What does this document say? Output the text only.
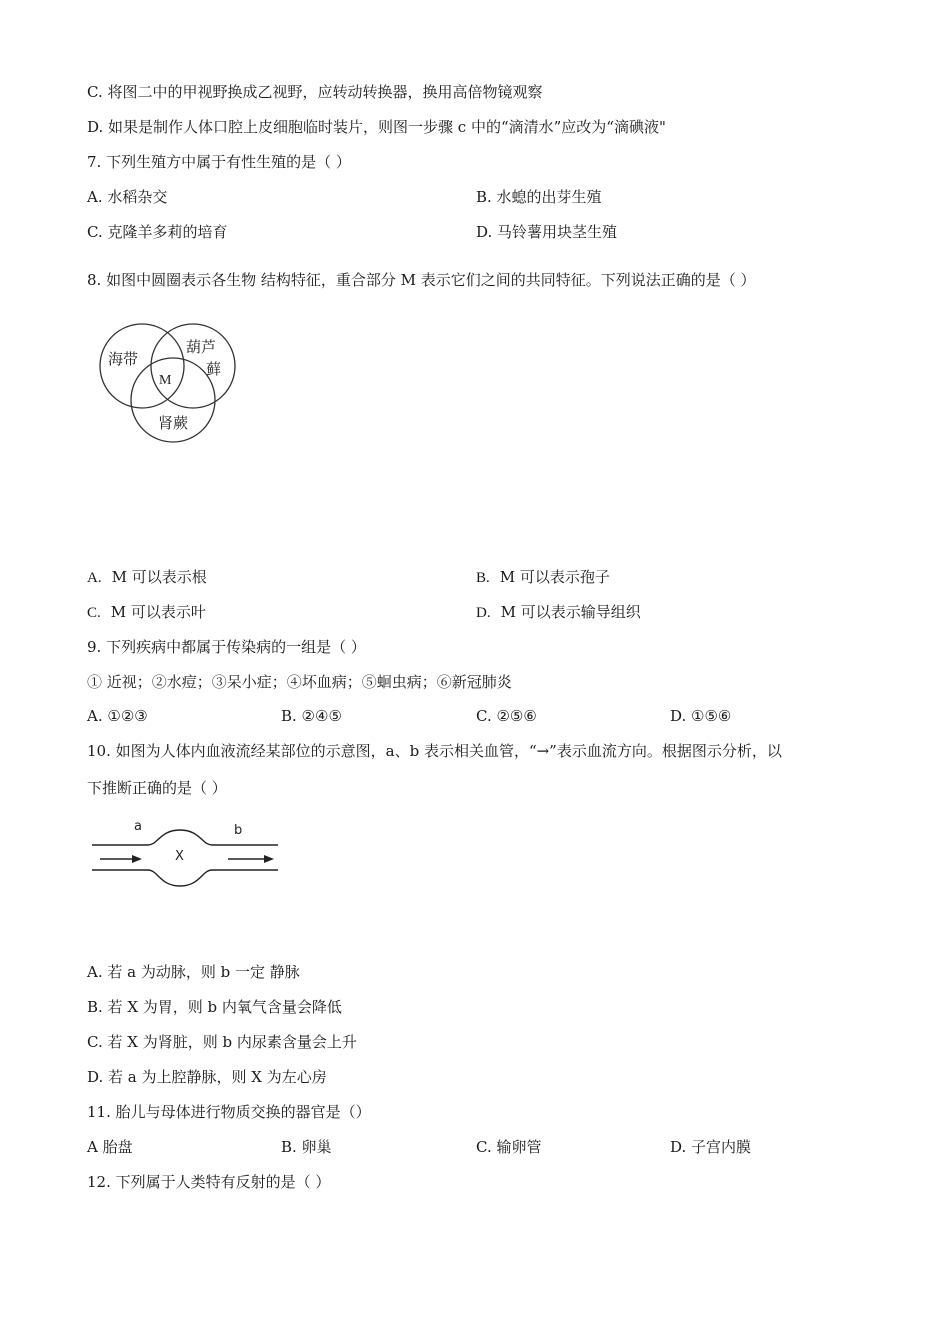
C. 将图二中的甲视野换成乙视野，应转动转换器，换用高倍物镜观察
D. 如果是制作人体口腔上皮细胞临时装片，则图一步骤 c 中的“滴清水”应改为“滴碘液"
7. 下列生殖方中属于有性生殖的是（ ）
A. 水稻杂交	B. 水螅的出芽生殖
C. 克隆羊多莉的培育	D. 马铃薯用块茎生殖
8. 如图中圆圈表示各生物 结构特征，重合部分 M 表示它们之间的共同特征。下列说法正确的是（ ）
海带
葫芦
藓
肾蕨
M
A. M 可以表示根	B. M 可以表示孢子
C. M 可以表示叶	D. M 可以表示输导组织
9. 下列疾病中都属于传染病的一组是（ ）
① 近视；②水痘；③呆小症；④坏血病；⑤蛔虫病；⑥新冠肺炎
A. ①②③	B. ②④⑤	C. ②⑤⑥	D. ①⑤⑥
10. 如图为人体内血液流经某部位的示意图，a、b 表示相关血管，“→”表示血流方向。根据图示分析，以
下推断正确的是（ ）
a	b
X
A. 若 a 为动脉，则 b 一定 静脉
B. 若 X 为胃，则 b 内氧气含量会降低
C. 若 X 为肾脏，则 b 内尿素含量会上升
D. 若 a 为上腔静脉，则 X 为左心房
11. 胎儿与母体进行物质交换的器官是（）
A 胎盘	B. 卵巢	C. 输卵管	D. 子宫内膜
12. 下列属于人类特有反射的是（ ）
